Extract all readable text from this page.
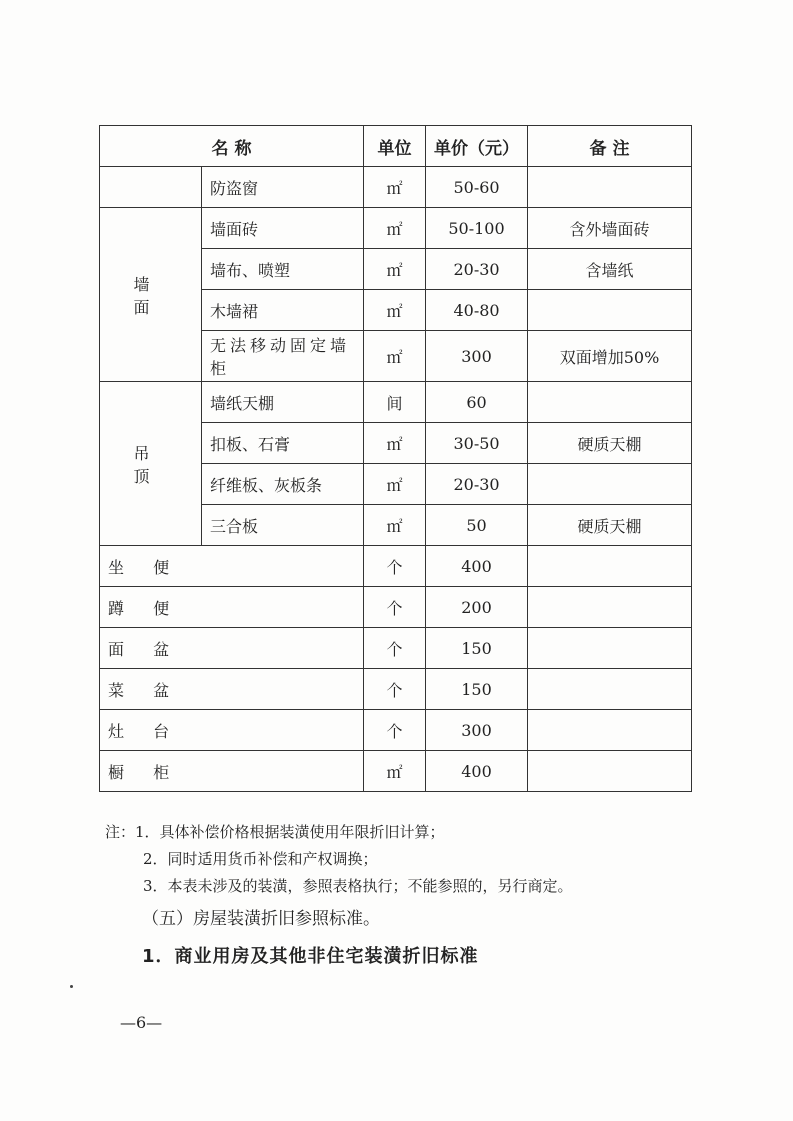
名 称		单位	单价（元）	备 注
	防盗窗	㎡	50-60	
墙 面	墙面砖	㎡	50-100	含外墙面砖
	墙布、喷塑	㎡	20-30	含墙纸
	木墙裙	㎡	40-80	
	无法移动固定墙柜	㎡	300	双面增加50%
吊 顶	墙纸天棚	间	60	
	扣板、石膏	㎡	30-50	硬质天棚
	纤维板、灰板条	㎡	20-30	
	三合板	㎡	50	硬质天棚
坐 便		个	400	
蹲 便		个	200	
面 盆		个	150	
菜 盆		个	150	
灶 台		个	300	
橱 柜		㎡	400	
注：1．具体补偿价格根据装潢使用年限折旧计算；
2．同时适用货币补偿和产权调换；
3．本表未涉及的装潢，参照表格执行；不能参照的，另行商定。
（五）房屋装潢折旧参照标准。
1．商业用房及其他非住宅装潢折旧标准
—6—
